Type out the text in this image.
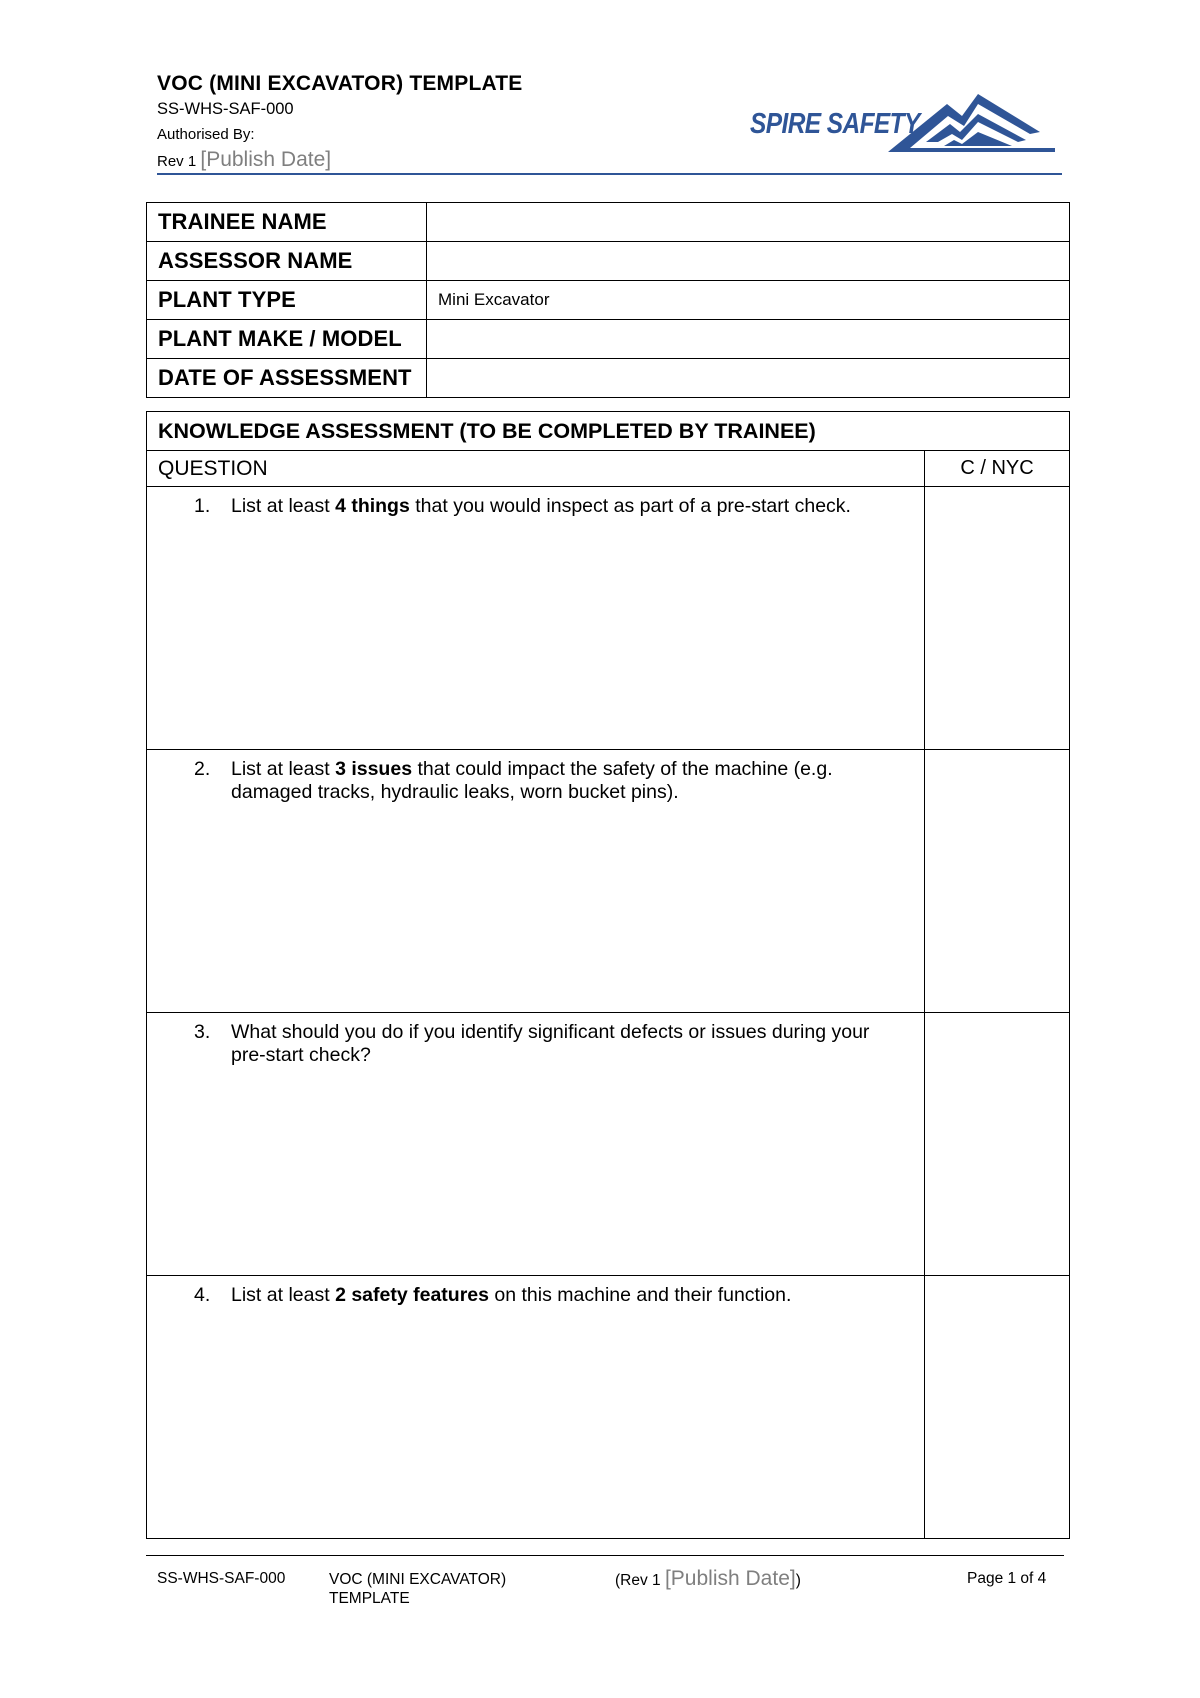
VOC (MINI EXCAVATOR) TEMPLATE
SS-WHS-SAF-000
Authorised By:
Rev 1 [Publish Date]
SPIRE SAFETY
TRAINEE NAME	
ASSESSOR NAME	
PLANT TYPE	Mini Excavator
PLANT MAKE / MODEL	
DATE OF ASSESSMENT	
KNOWLEDGE ASSESSMENT (TO BE COMPLETED BY TRAINEE)	
QUESTION	C / NYC

1. List at least 4 things that you would inspect as part of a pre-start check.	

2. List at least 3 issues that could impact the safety of the machine (e.g. damaged tracks, hydraulic leaks, worn bucket pins).	

3. What should you do if you identify significant defects or issues during your pre-start check?	

4. List at least 2 safety features on this machine and their function.	

SS-WHS-SAF-000	VOC (MINI EXCAVATOR) TEMPLATE
(Rev 1 [Publish Date])	Page 1 of 4
